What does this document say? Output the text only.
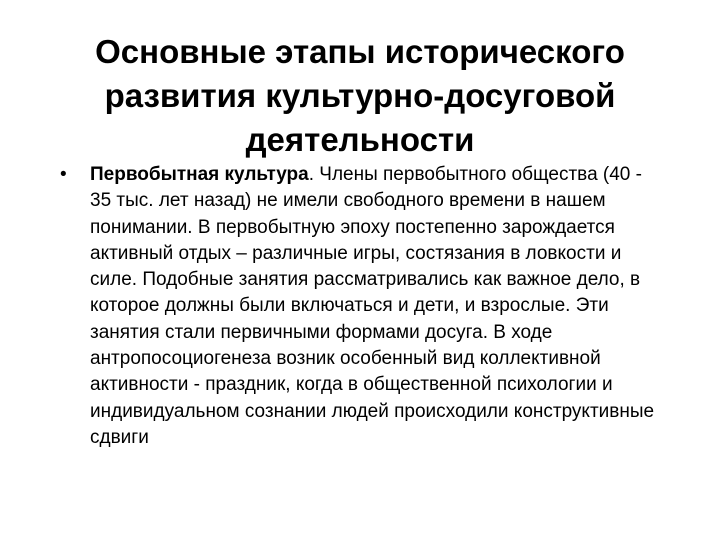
Основные этапы исторического развития культурно-досуговой деятельности
• Первобытная культура. Члены первобытного общества (40 - 35 тыс. лет назад) не имели свободного времени в нашем понимании. В первобытную эпоху постепенно зарождается активный отдых – различные игры, состязания в ловкости и силе. Подобные занятия рассматривались как важное дело, в которое должны были включаться и дети, и взрослые. Эти занятия стали первичными формами досуга. В ходе антропосоциогенеза возник особенный вид коллективной активности - праздник, когда в общественной психологии и индивидуальном сознании людей происходили конструктивные сдвиги
